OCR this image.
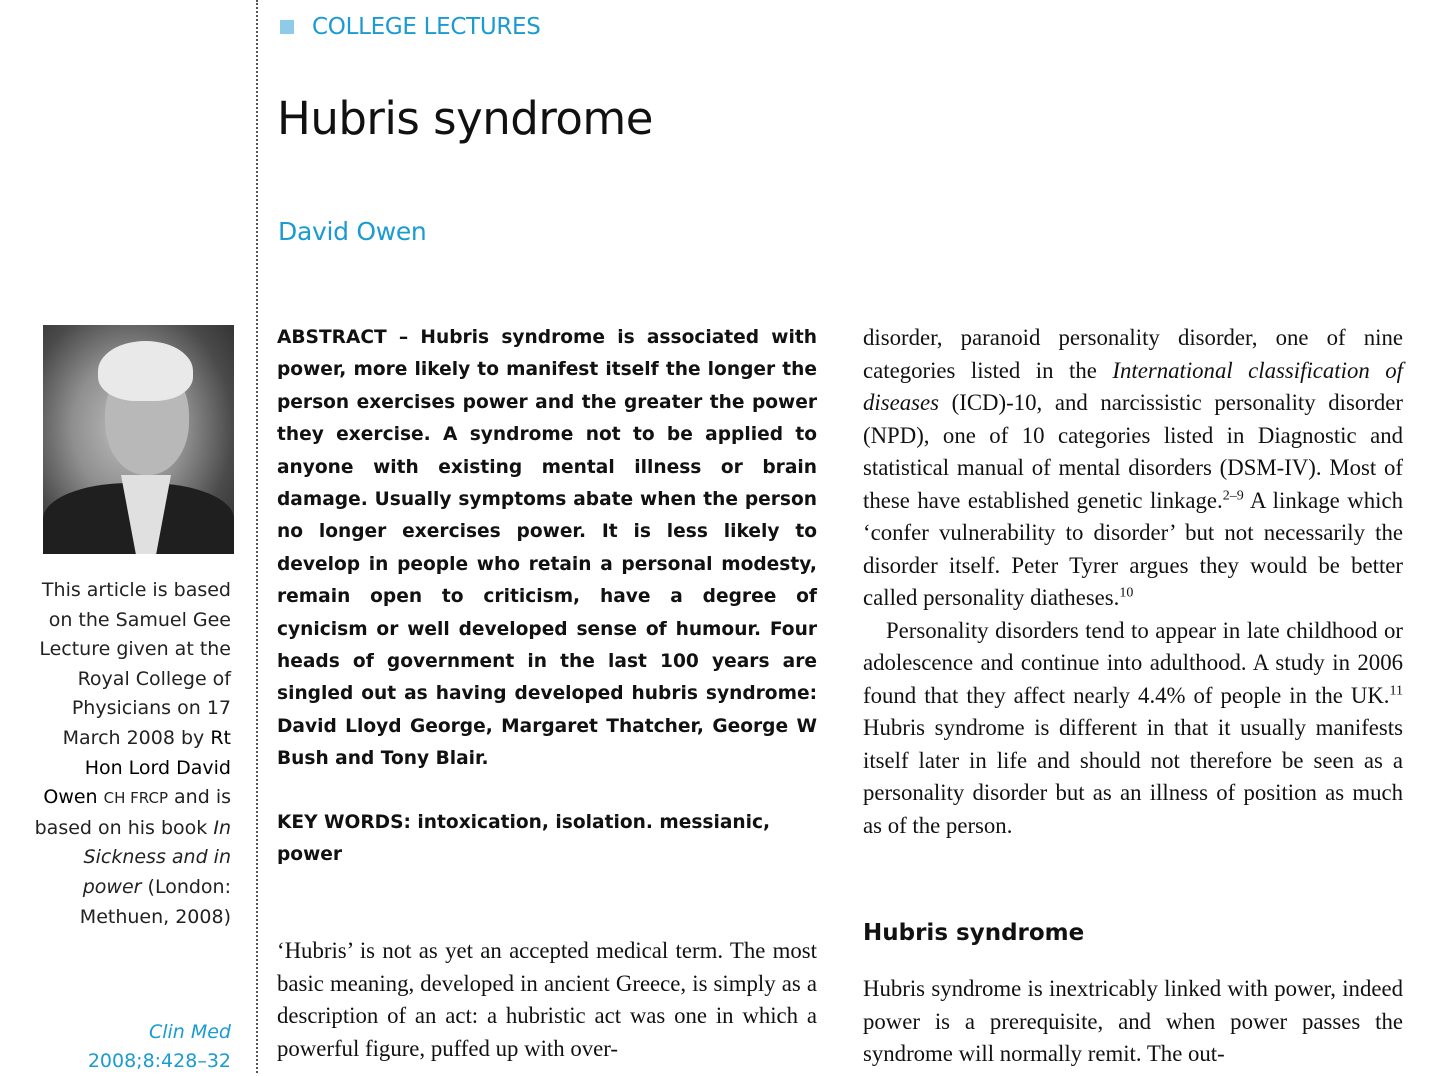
COLLEGE LECTURES
Hubris syndrome
David Owen
This article is based on the Samuel Gee Lecture given at the Royal College of Physicians on 17 March 2008 by Rt Hon Lord David Owen CH FRCP and is based on his book In Sickness and in power (London: Methuen, 2008)
Clin Med
2008;8:428–32

ABSTRACT – Hubris syndrome is associated with power, more likely to manifest itself the longer the person exercises power and the greater the power they exercise. A syndrome not to be applied to anyone with existing mental illness or brain damage. Usually symptoms abate when the person no longer exercises power. It is less likely to develop in people who retain a personal modesty, remain open to criticism, have a degree of cynicism or well developed sense of humour. Four heads of government in the last 100 years are singled out as having developed hubris syndrome: David Lloyd George, Margaret Thatcher, George W Bush and Tony Blair.

KEY WORDS: intoxication, isolation. messianic, power

‘Hubris’ is not as yet an accepted medical term. The most basic meaning, developed in ancient Greece, is simply as a description of an act: a hubristic act was one in which a powerful figure, puffed up with over-

disorder, paranoid personality disorder, one of nine categories listed in the International classification of diseases (ICD)-10, and narcissistic personality disorder (NPD), one of 10 categories listed in Diagnostic and statistical manual of mental disorders (DSM-IV). Most of these have established genetic linkage.$^{2-9}$ A linkage which ‘confer vulnerability to disorder’ but not necessarily the disorder itself. Peter Tyrer argues they would be better called personality diatheses.$^{10}$

Personality disorders tend to appear in late childhood or adolescence and continue into adulthood. A study in 2006 found that they affect nearly 4.4% of people in the UK.$^{11}$ Hubris syndrome is different in that it usually manifests itself later in life and should not therefore be seen as a personality disorder but as an illness of position as much as of the person.

Hubris syndrome

Hubris syndrome is inextricably linked with power, indeed power is a prerequisite, and when power passes the syndrome will normally remit. The out-
